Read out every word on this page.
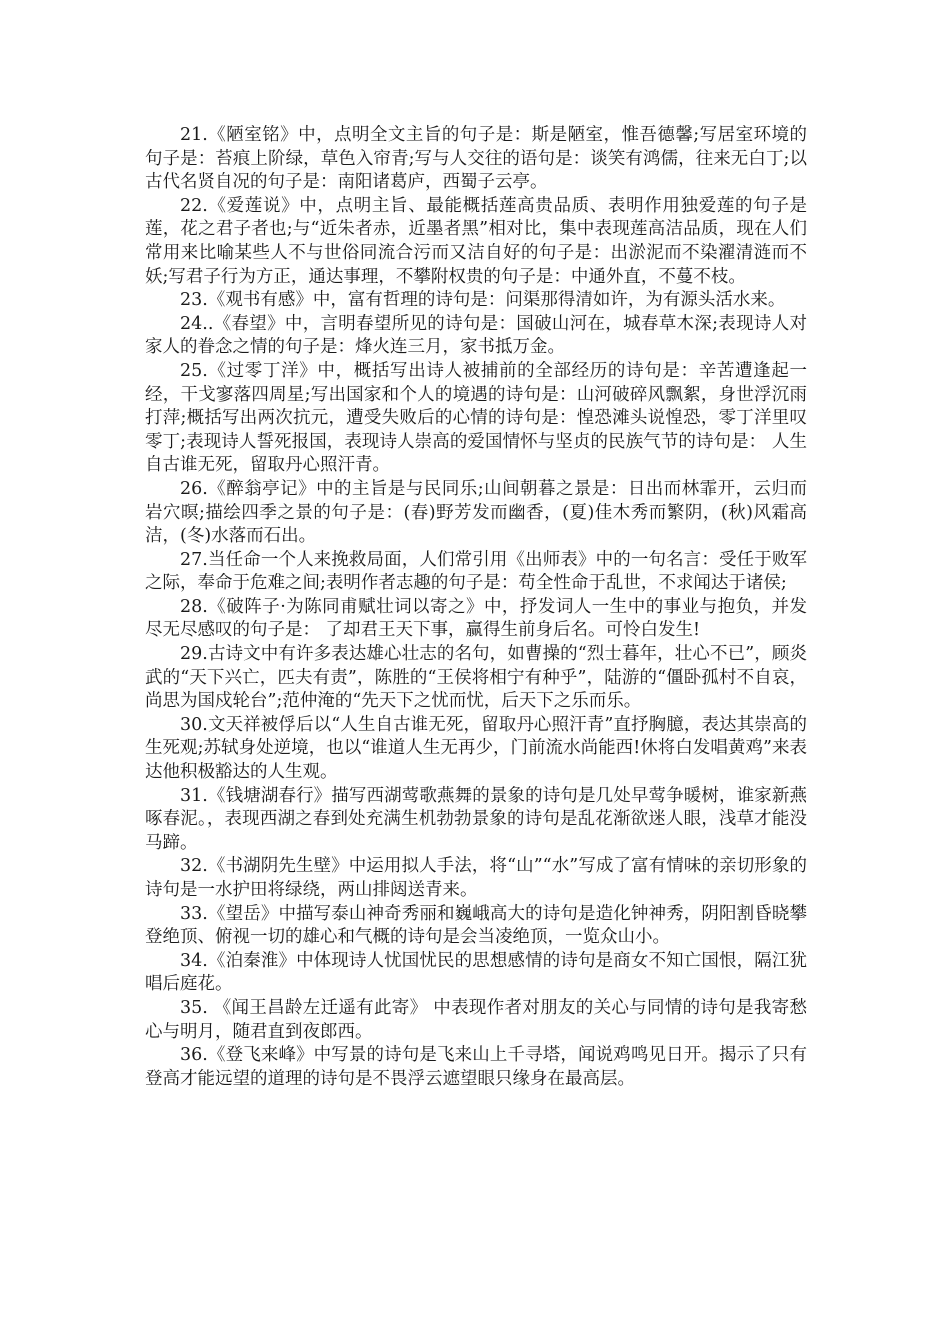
21.《陋室铭》中，点明全文主旨的句子是：斯是陋室，惟吾德馨;写居室环境的句子是：苔痕上阶绿，草色入帘青;写与人交往的语句是：谈笑有鸿儒，往来无白丁;以古代名贤自况的句子是：南阳诸葛庐，西蜀子云亭。

22.《爱莲说》中，点明主旨、最能概括莲高贵品质、表明作用独爱莲的句子是莲，花之君子者也;与“近朱者赤，近墨者黑”相对比，集中表现莲高洁品质，现在人们常用来比喻某些人不与世俗同流合污而又洁自好的句子是：出淤泥而不染濯清涟而不妖;写君子行为方正，通达事理，不攀附权贵的句子是：中通外直，不蔓不枝。

23.《观书有感》中，富有哲理的诗句是：问渠那得清如许，为有源头活水来。

24..《春望》中，言明春望所见的诗句是：国破山河在，城春草木深;表现诗人对家人的眷念之情的句子是：烽火连三月，家书抵万金。

25.《过零丁洋》中，概括写出诗人被捕前的全部经历的诗句是：辛苦遭逢起一经，干戈寥落四周星;写出国家和个人的境遇的诗句是：山河破碎风飘絮，身世浮沉雨打萍;概括写出两次抗元，遭受失败后的心情的诗句是：惶恐滩头说惶恐，零丁洋里叹零丁;表现诗人誓死报国，表现诗人崇高的爱国情怀与坚贞的民族气节的诗句是： 人生自古谁无死，留取丹心照汗青。

26.《醉翁亭记》中的主旨是与民同乐;山间朝暮之景是：日出而林霏开，云归而岩穴暝;描绘四季之景的句子是：(春)野芳发而幽香，(夏)佳木秀而繁阴，(秋)风霜高洁，(冬)水落而石出。

27.当任命一个人来挽救局面，人们常引用《出师表》中的一句名言：受任于败军之际，奉命于危难之间;表明作者志趣的句子是：苟全性命于乱世，不求闻达于诸侯;

28.《破阵子·为陈同甫赋壮词以寄之》中，抒发词人一生中的事业与抱负，并发尽无尽感叹的句子是： 了却君王天下事，赢得生前身后名。可怜白发生!

29.古诗文中有许多表达雄心壮志的名句，如曹操的“烈士暮年，壮心不已”，顾炎武的“天下兴亡，匹夫有责”，陈胜的“王侯将相宁有种乎”，陆游的“僵卧孤村不自哀，尚思为国戍轮台”;范仲淹的“先天下之忧而忧，后天下之乐而乐。

30.文天祥被俘后以“人生自古谁无死，留取丹心照汗青”直抒胸臆，表达其崇高的生死观;苏轼身处逆境，也以“谁道人生无再少，门前流水尚能西!休将白发唱黄鸡”来表达他积极豁达的人生观。

31.《钱塘湖春行》描写西湖莺歌燕舞的景象的诗句是几处早莺争暖树，谁家新燕啄春泥。，表现西湖之春到处充满生机勃勃景象的诗句是乱花渐欲迷人眼，浅草才能没马蹄。

32.《书湖阴先生壁》中运用拟人手法，将“山”“水”写成了富有情味的亲切形象的诗句是一水护田将绿绕，两山排闼送青来。

33.《望岳》中描写泰山神奇秀丽和巍峨高大的诗句是造化钟神秀，阴阳割昏晓攀登绝顶、俯视一切的雄心和气概的诗句是会当凌绝顶，一览众山小。

34.《泊秦淮》中体现诗人忧国忧民的思想感情的诗句是商女不知亡国恨，隔江犹唱后庭花。

35. 《闻王昌龄左迁遥有此寄》 中表现作者对朋友的关心与同情的诗句是我寄愁心与明月，随君直到夜郎西。

36.《登飞来峰》中写景的诗句是飞来山上千寻塔，闻说鸡鸣见日开。揭示了只有登高才能远望的道理的诗句是不畏浮云遮望眼只缘身在最高层。
